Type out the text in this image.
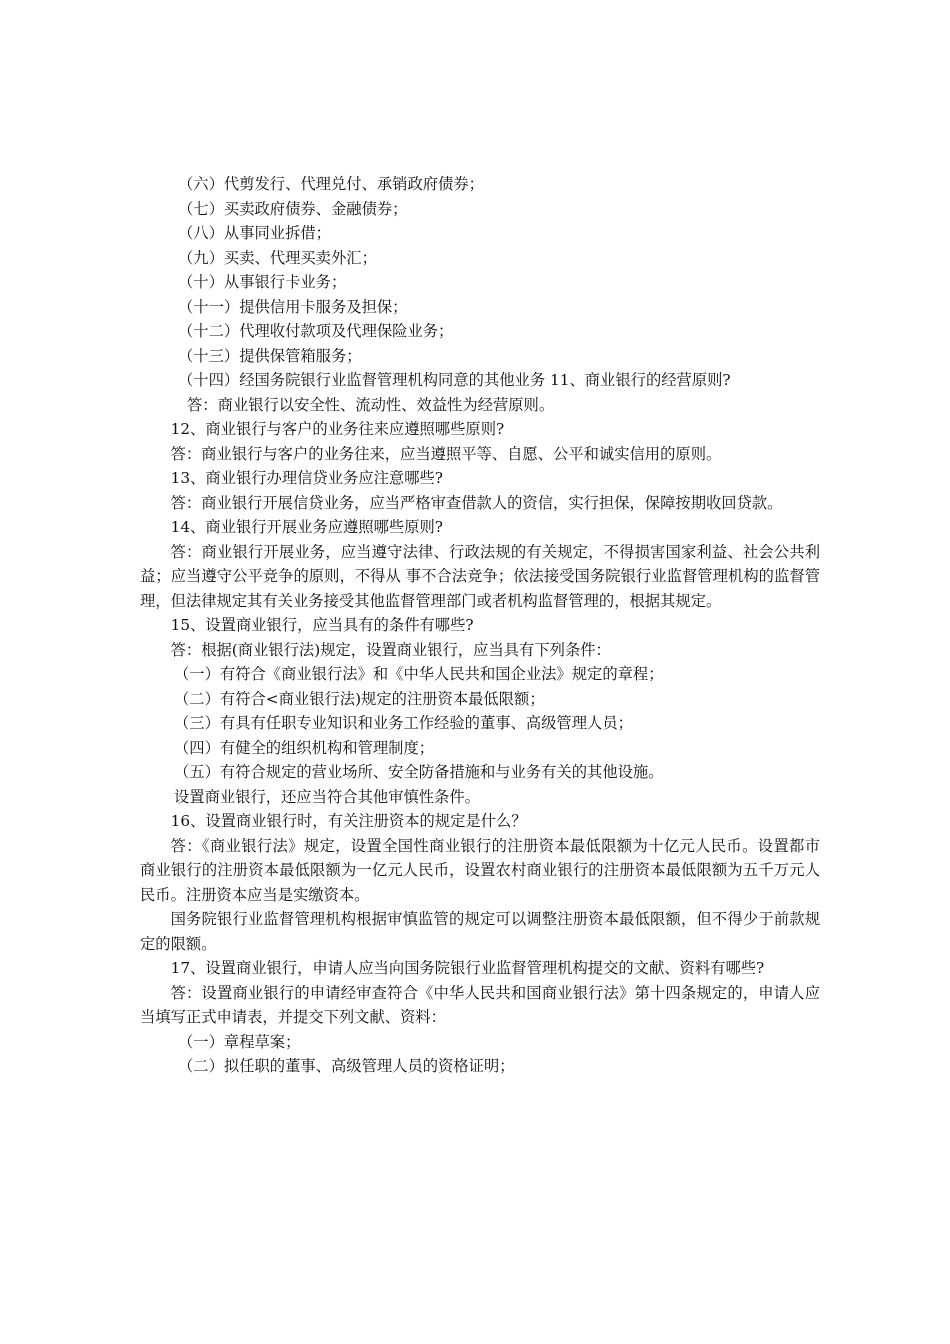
（六）代剪发行、代理兑付、承销政府债券；

（七）买卖政府债券、金融债券；

（八）从事同业拆借；

（九）买卖、代理买卖外汇；

（十）从事银行卡业务；

（十一）提供信用卡服务及担保；

（十二）代理收付款项及代理保险业务；

（十三）提供保管箱服务；

（十四）经国务院银行业监督管理机构同意的其他业务 11、商业银行的经营原则?

答：商业银行以安全性、流动性、效益性为经营原则。

12、商业银行与客户的业务往来应遵照哪些原则?

答：商业银行与客户的业务往来，应当遵照平等、自愿、公平和诚实信用的原则。

13、商业银行办理信贷业务应注意哪些?

答：商业银行开展信贷业务，应当严格审查借款人的资信，实行担保，保障按期收回贷款。

14、商业银行开展业务应遵照哪些原则?

答：商业银行开展业务，应当遵守法律、行政法规的有关规定，不得损害国家利益、社会公共利益；应当遵守公平竞争的原则，不得从 事不合法竞争；依法接受国务院银行业监督管理机构的监督管理，但法律规定其有关业务接受其他监督管理部门或者机构监督管理的，根据其规定。

15、设置商业银行，应当具有的条件有哪些?

答：根据(商业银行法)规定，设置商业银行，应当具有下列条件：

（一）有符合《商业银行法》和《中华人民共和国企业法》规定的章程；

（二）有符合<商业银行法)规定的注册资本最低限额；

（三）有具有任职专业知识和业务工作经验的董事、高级管理人员；

（四）有健全的组织机构和管理制度；

（五）有符合规定的营业场所、安全防备措施和与业务有关的其他设施。

设置商业银行，还应当符合其他审慎性条件。

16、设置商业银行时，有关注册资本的规定是什么？

答：《商业银行法》规定，设置全国性商业银行的注册资本最低限额为十亿元人民币。设置都市商业银行的注册资本最低限额为一亿元人民币，设置农村商业银行的注册资本最低限额为五千万元人民币。注册资本应当是实缴资本。

国务院银行业监督管理机构根据审慎监管的规定可以调整注册资本最低限额，但不得少于前款规定的限额。

17、设置商业银行，申请人应当向国务院银行业监督管理机构提交的文献、资料有哪些?

答：设置商业银行的申请经审查符合《中华人民共和国商业银行法》第十四条规定的，申请人应当填写正式申请表，并提交下列文献、资料：

（一）章程草案；

（二）拟任职的董事、高级管理人员的资格证明；
